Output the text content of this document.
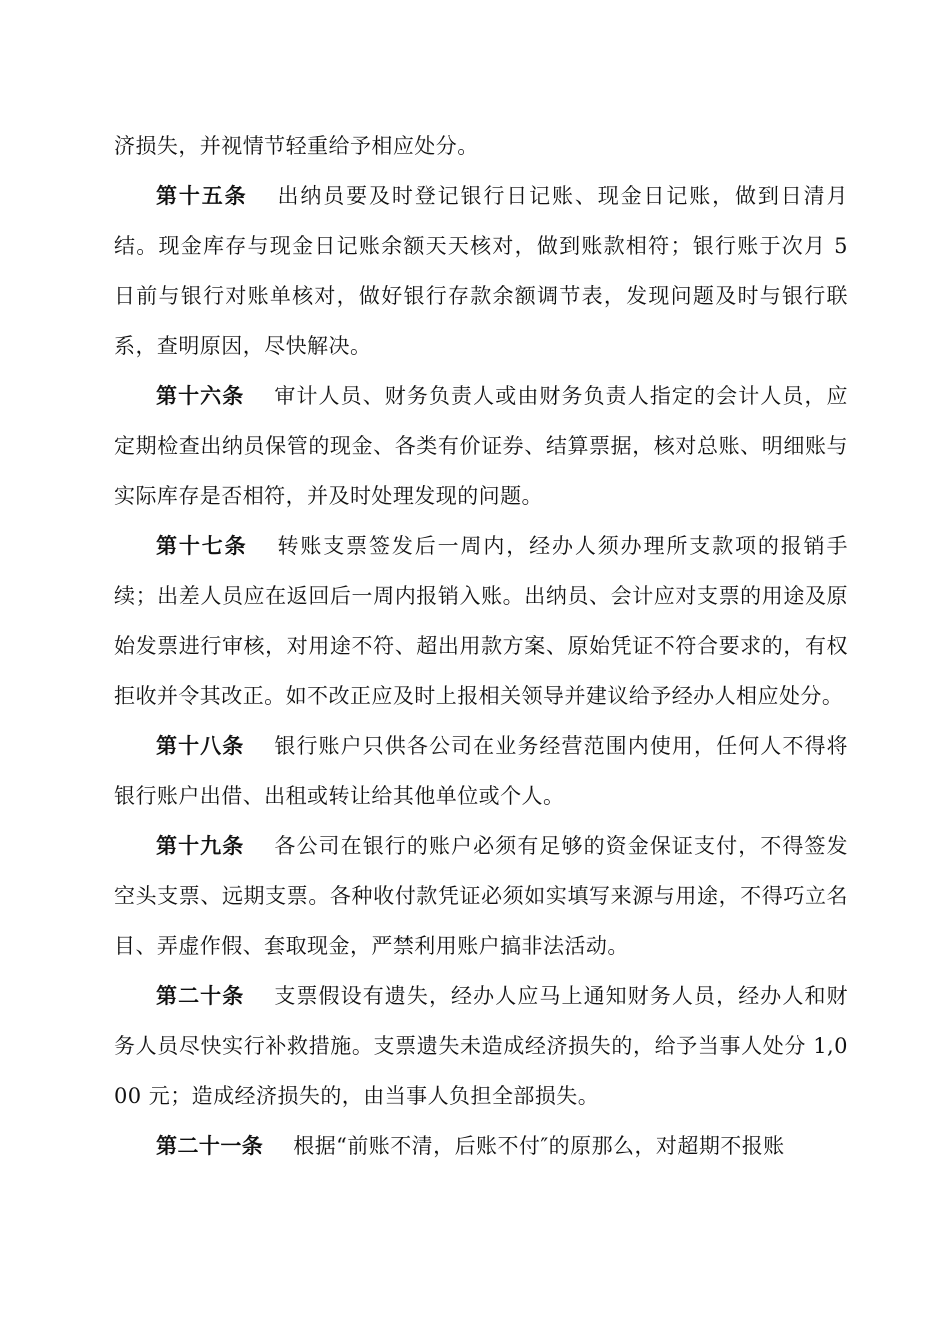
济损失，并视情节轻重给予相应处分。

第十五条 出纳员要及时登记银行日记账、现金日记账，做到日清月结。现金库存与现金日记账余额天天核对，做到账款相符；银行账于次月 5 日前与银行对账单核对，做好银行存款余额调节表，发现问题及时与银行联系，查明原因，尽快解决。

第十六条 审计人员、财务负责人或由财务负责人指定的会计人员，应定期检查出纳员保管的现金、各类有价证券、结算票据，核对总账、明细账与实际库存是否相符，并及时处理发现的问题。

第十七条 转账支票签发后一周内，经办人须办理所支款项的报销手续；出差人员应在返回后一周内报销入账。出纳员、会计应对支票的用途及原始发票进行审核，对用途不符、超出用款方案、原始凭证不符合要求的，有权拒收并令其改正。如不改正应及时上报相关领导并建议给予经办人相应处分。

第十八条 银行账户只供各公司在业务经营范围内使用，任何人不得将银行账户出借、出租或转让给其他单位或个人。

第十九条 各公司在银行的账户必须有足够的资金保证支付，不得签发空头支票、远期支票。各种收付款凭证必须如实填写来源与用途，不得巧立名目、弄虚作假、套取现金，严禁利用账户搞非法活动。

第二十条 支票假设有遗失，经办人应马上通知财务人员，经办人和财务人员尽快实行补救措施。支票遗失未造成经济损失的，给予当事人处分 1,000 元；造成经济损失的，由当事人负担全部损失。

第二十一条 根据“前账不清，后账不付″的原那么，对超期不报账
